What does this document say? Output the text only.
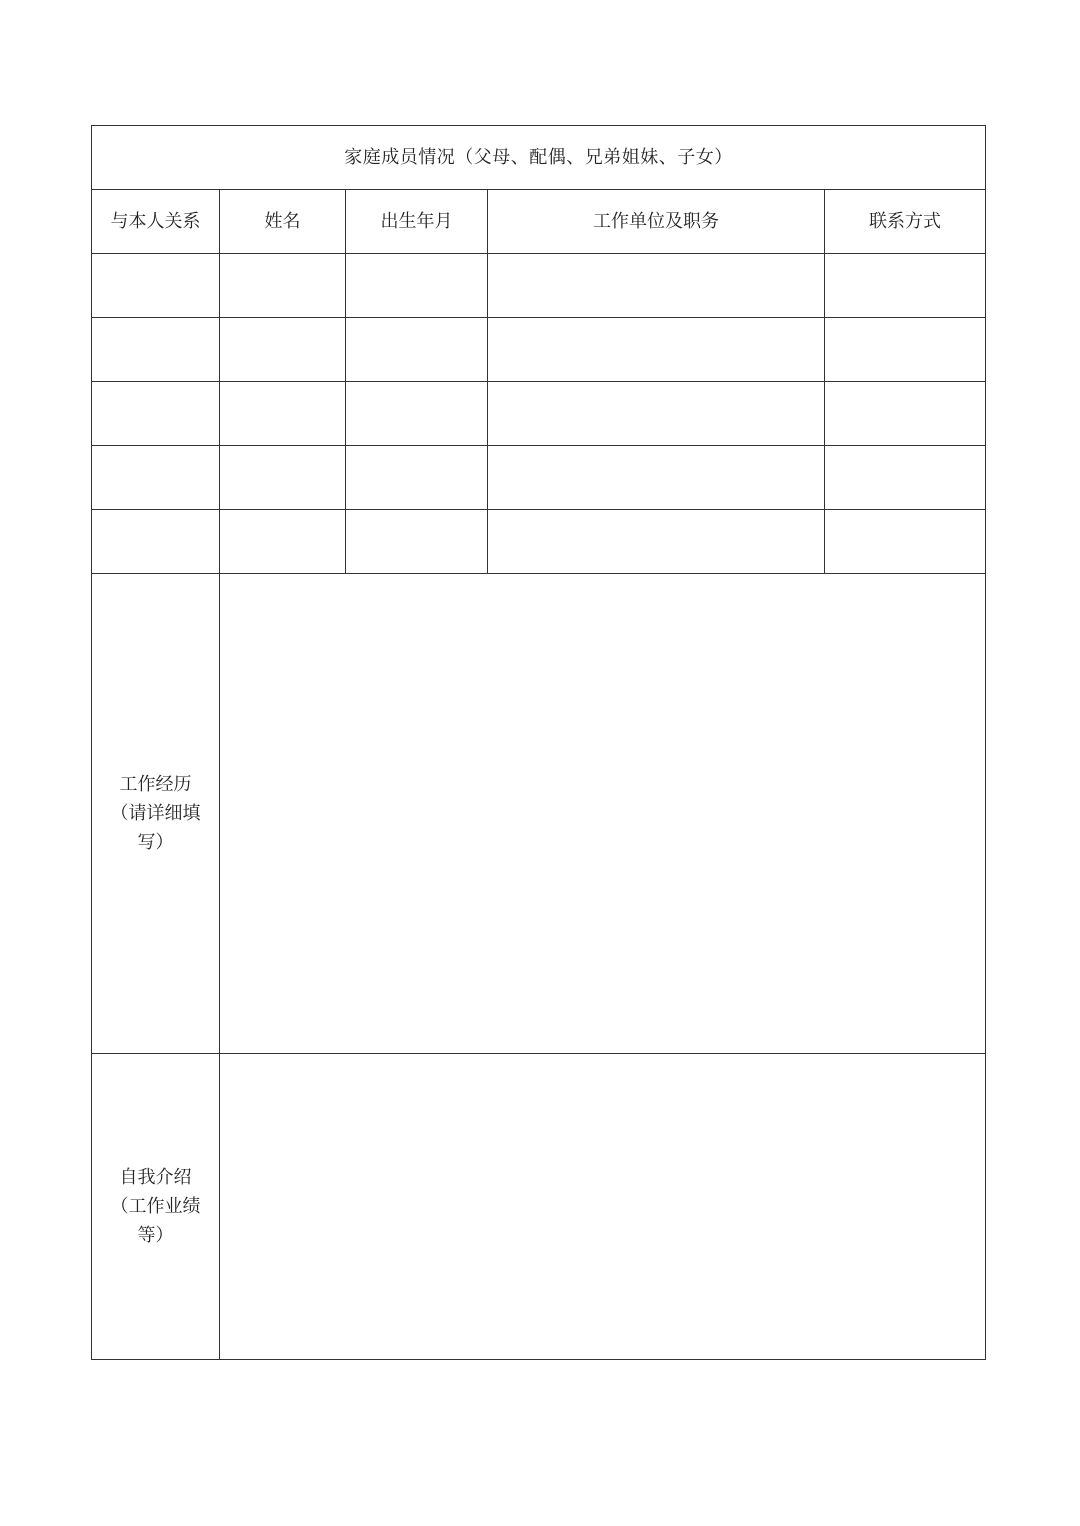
家庭成员情况（父母、配偶、兄弟姐妹、子女）				
与本人关系	姓名	出生年月	工作单位及职务	联系方式

工作经历
（请详细填
写）				

自我介绍
（工作业绩
等）				
